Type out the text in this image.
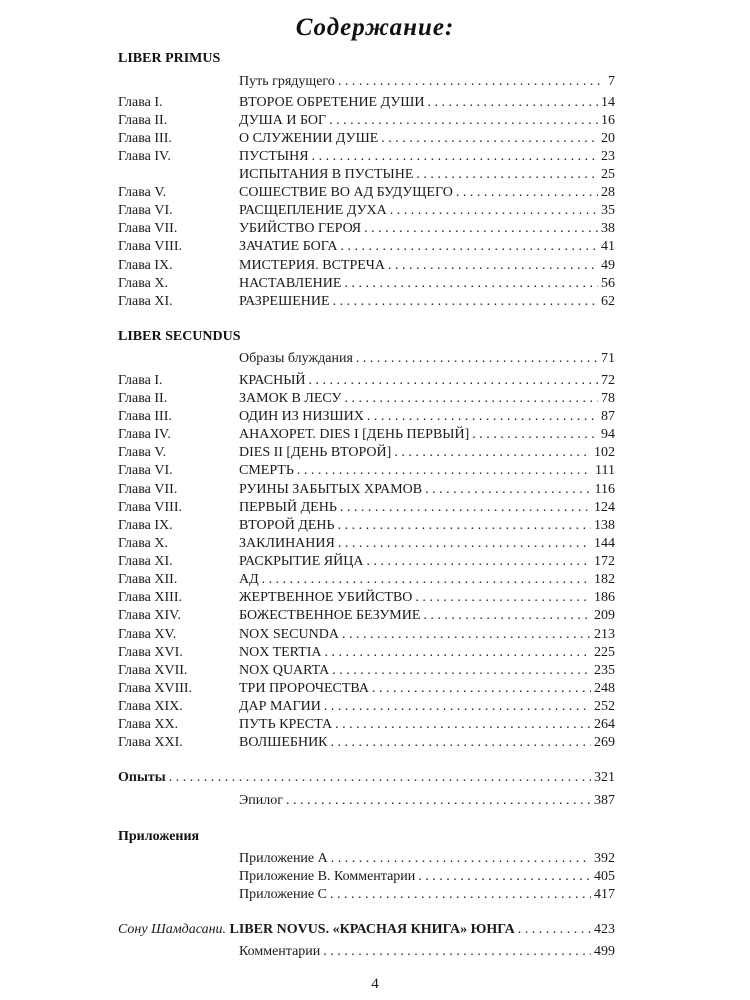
Содержание:
LIBER PRIMUS
Путь грядущего . . .	7
Глава I.	ВТОРОЕ ОБРЕТЕНИЕ ДУШИ . . .	14
Глава II.	ДУША И БОГ . . .	16
Глава III.	О СЛУЖЕНИИ ДУШЕ . . .	20
Глава IV.	ПУСТЫНЯ . . .	23
ИСПЫТАНИЯ В ПУСТЫНЕ . . .	25
Глава V.	СОШЕСТВИЕ ВО АД БУДУЩЕГО . . .	28
Глава VI.	РАСЩЕПЛЕНИЕ ДУХА . . .	35
Глава VII.	УБИЙСТВО ГЕРОЯ . . .	38
Глава VIII.	ЗАЧАТИЕ БОГА . . .	41
Глава IX.	МИСТЕРИЯ. ВСТРЕЧА . . .	49
Глава X.	НАСТАВЛЕНИЕ . . .	56
Глава XI.	РАЗРЕШЕНИЕ . . .	62
LIBER SECUNDUS
Образы блуждания . . .	71
Глава I.	КРАСНЫЙ . . .	72
Глава II.	ЗАМОК В ЛЕСУ . . .	78
Глава III.	ОДИН ИЗ НИЗШИХ . . .	87
Глава IV.	АНАХОРЕТ. DIES I [ДЕНЬ ПЕРВЫЙ] . . .	94
Глава V.	DIES II [ДЕНЬ ВТОРОЙ] . . .	102
Глава VI.	СМЕРТЬ . . .	111
Глава VII.	РУИНЫ ЗАБЫТЫХ ХРАМОВ . . .	116
Глава VIII.	ПЕРВЫЙ ДЕНЬ . . .	124
Глава IX.	ВТОРОЙ ДЕНЬ . . .	138
Глава X.	ЗАКЛИНАНИЯ . . .	144
Глава XI.	РАСКРЫТИЕ ЯЙЦА . . .	172
Глава XII.	АД . . .	182
Глава XIII.	ЖЕРТВЕННОЕ УБИЙСТВО . . .	186
Глава XIV.	БОЖЕСТВЕННОЕ БЕЗУМИЕ . . .	209
Глава XV.	NOX SECUNDA . . .	213
Глава XVI.	NOX TERTIA . . .	225
Глава XVII.	NOX QUARTA . . .	235
Глава XVIII.	ТРИ ПРОРОЧЕСТВА . . .	248
Глава XIX.	ДАР МАГИИ . . .	252
Глава XX.	ПУТЬ КРЕСТА . . .	264
Глава XXI.	ВОЛШЕБНИК . . .	269
Опыты . . .	321
Эпилог . . .	387
Приложения
Приложение A . . .	392
Приложение B. Комментарии . . .	405
Приложение C . . .	417
Сону Шамдасани. LIBER NOVUS. «КРАСНАЯ КНИГА» ЮНГА . . .	423
Комментарии . . .	499
4
